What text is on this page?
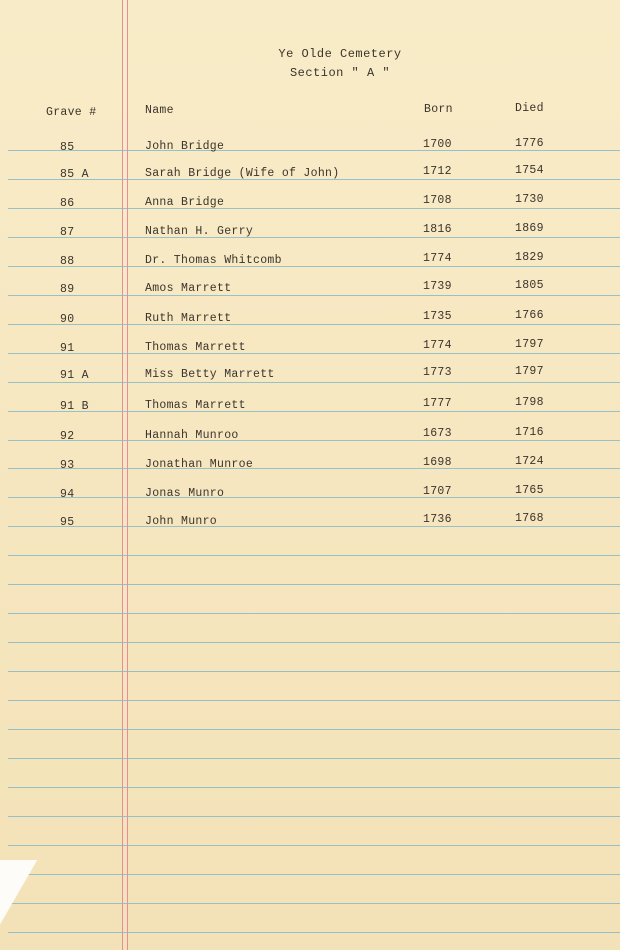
Ye Olde Cemetery
Section " A "
Grave #	Name	Born	Died
85	John Bridge	1700	1776
85 A	Sarah Bridge (Wife of John)	1712	1754
86	Anna Bridge	1708	1730
87	Nathan H. Gerry	1816	1869
88	Dr. Thomas Whitcomb	1774	1829
89	Amos Marrett	1739	1805
90	Ruth Marrett	1735	1766
91	Thomas Marrett	1774	1797
91 A	Miss Betty Marrett	1773	1797
91 B	Thomas Marrett	1777	1798
92	Hannah Munroo	1673	1716
93	Jonathan Munroe	1698	1724
94	Jonas Munro	1707	1765
95	John Munro	1736	1768
